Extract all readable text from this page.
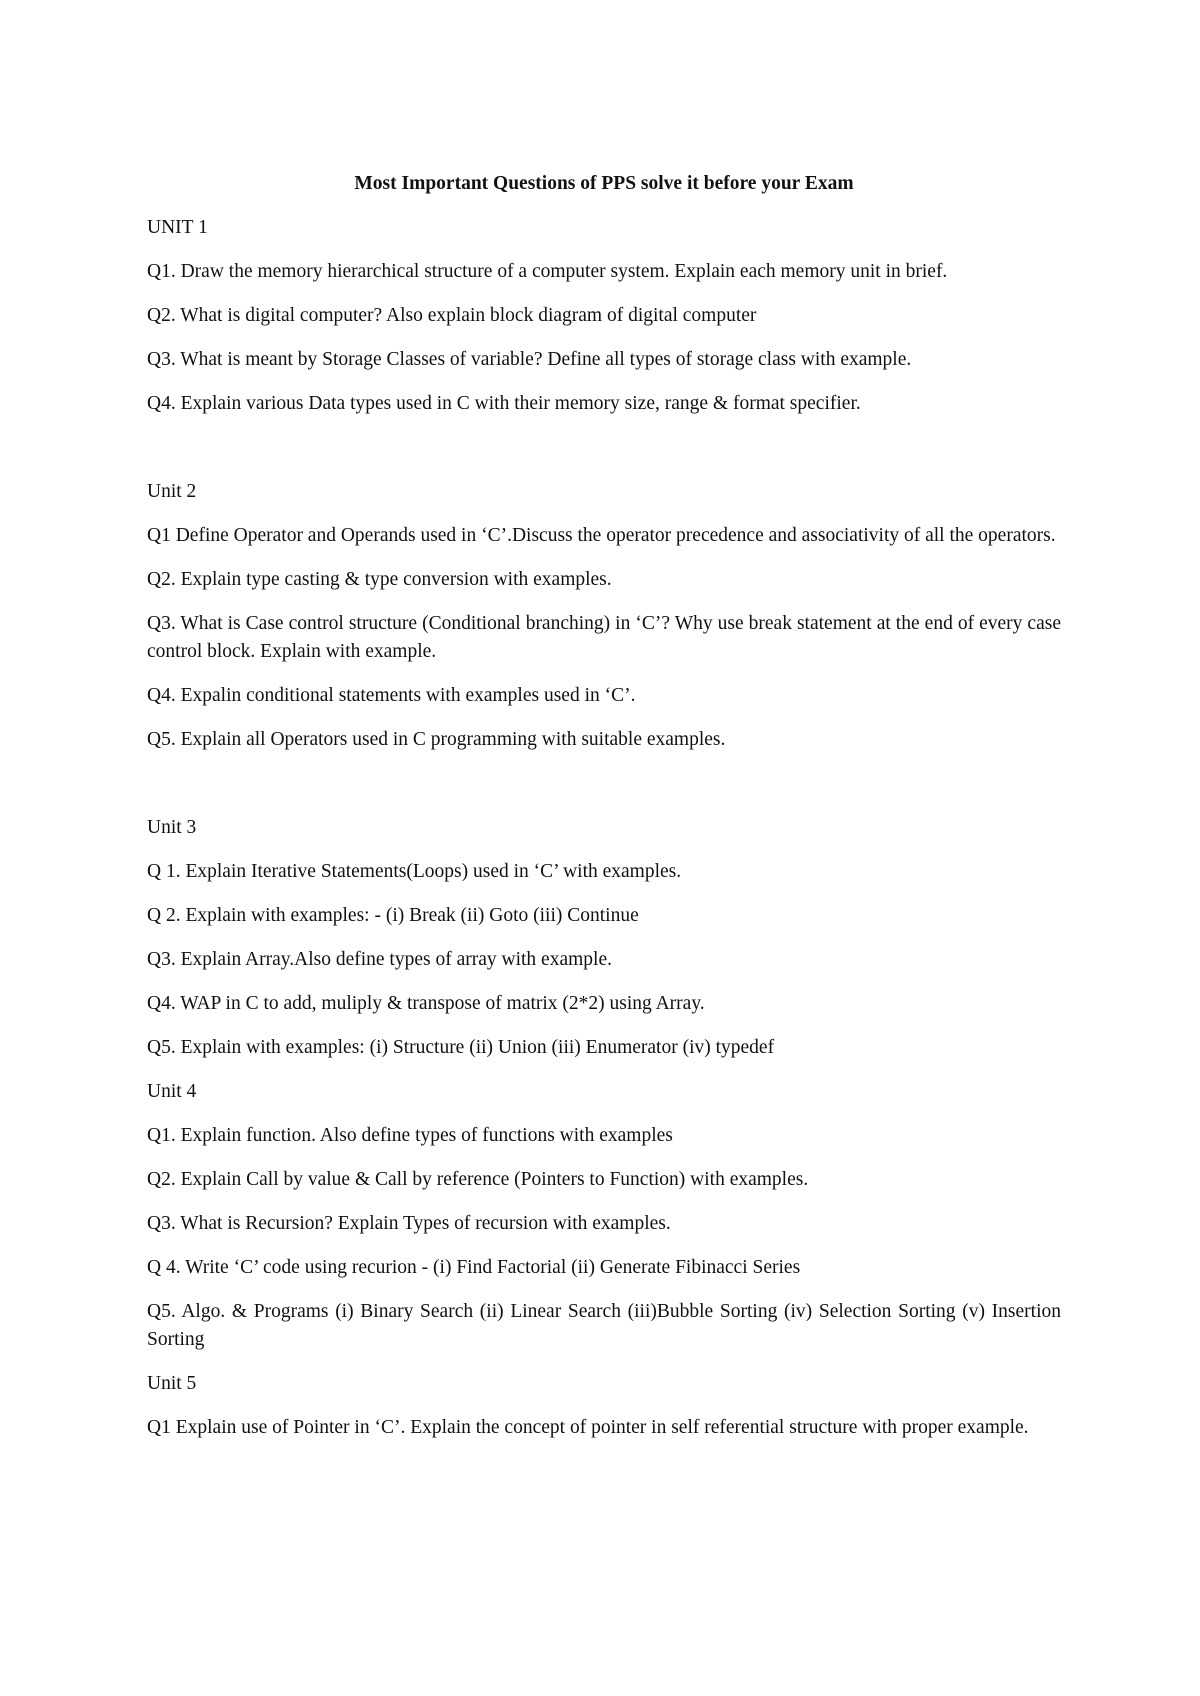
Most Important Questions of PPS solve it before your Exam

UNIT 1

Q1. Draw the memory hierarchical structure of a computer system. Explain each memory unit in brief.

Q2. What is digital computer? Also explain block diagram of digital computer

Q3. What is meant by Storage Classes of variable? Define all types of storage class with example.

Q4. Explain various Data types used in C with their memory size, range & format specifier.

Unit 2

Q1 Define Operator and Operands used in ‘C’.Discuss the operator precedence and associativity of all the operators.

Q2. Explain type casting & type conversion with examples.

Q3. What is Case control structure (Conditional branching) in ‘C’? Why use break statement at the end of every case control block. Explain with example.

Q4. Expalin conditional statements with examples used in ‘C’.

Q5. Explain all Operators used in C programming with suitable examples.

Unit 3

Q 1. Explain Iterative Statements(Loops) used in ‘C’ with examples.

Q 2. Explain with examples: - (i) Break (ii) Goto (iii) Continue

Q3. Explain Array.Also define types of array with example.

Q4. WAP in C to add, muliply & transpose of matrix (2*2) using Array.

Q5. Explain with examples: (i) Structure (ii) Union (iii) Enumerator (iv) typedef

Unit 4

Q1. Explain function. Also define types of functions with examples

Q2. Explain Call by value & Call by reference (Pointers to Function) with examples.

Q3. What is Recursion? Explain Types of recursion with examples.

Q 4. Write ‘C’ code using recurion - (i) Find Factorial (ii) Generate Fibinacci Series

Q5. Algo. & Programs (i) Binary Search (ii) Linear Search (iii)Bubble Sorting (iv) Selection Sorting (v) Insertion Sorting

Unit 5

Q1 Explain use of Pointer in ‘C’. Explain the concept of pointer in self referential structure with proper example.
